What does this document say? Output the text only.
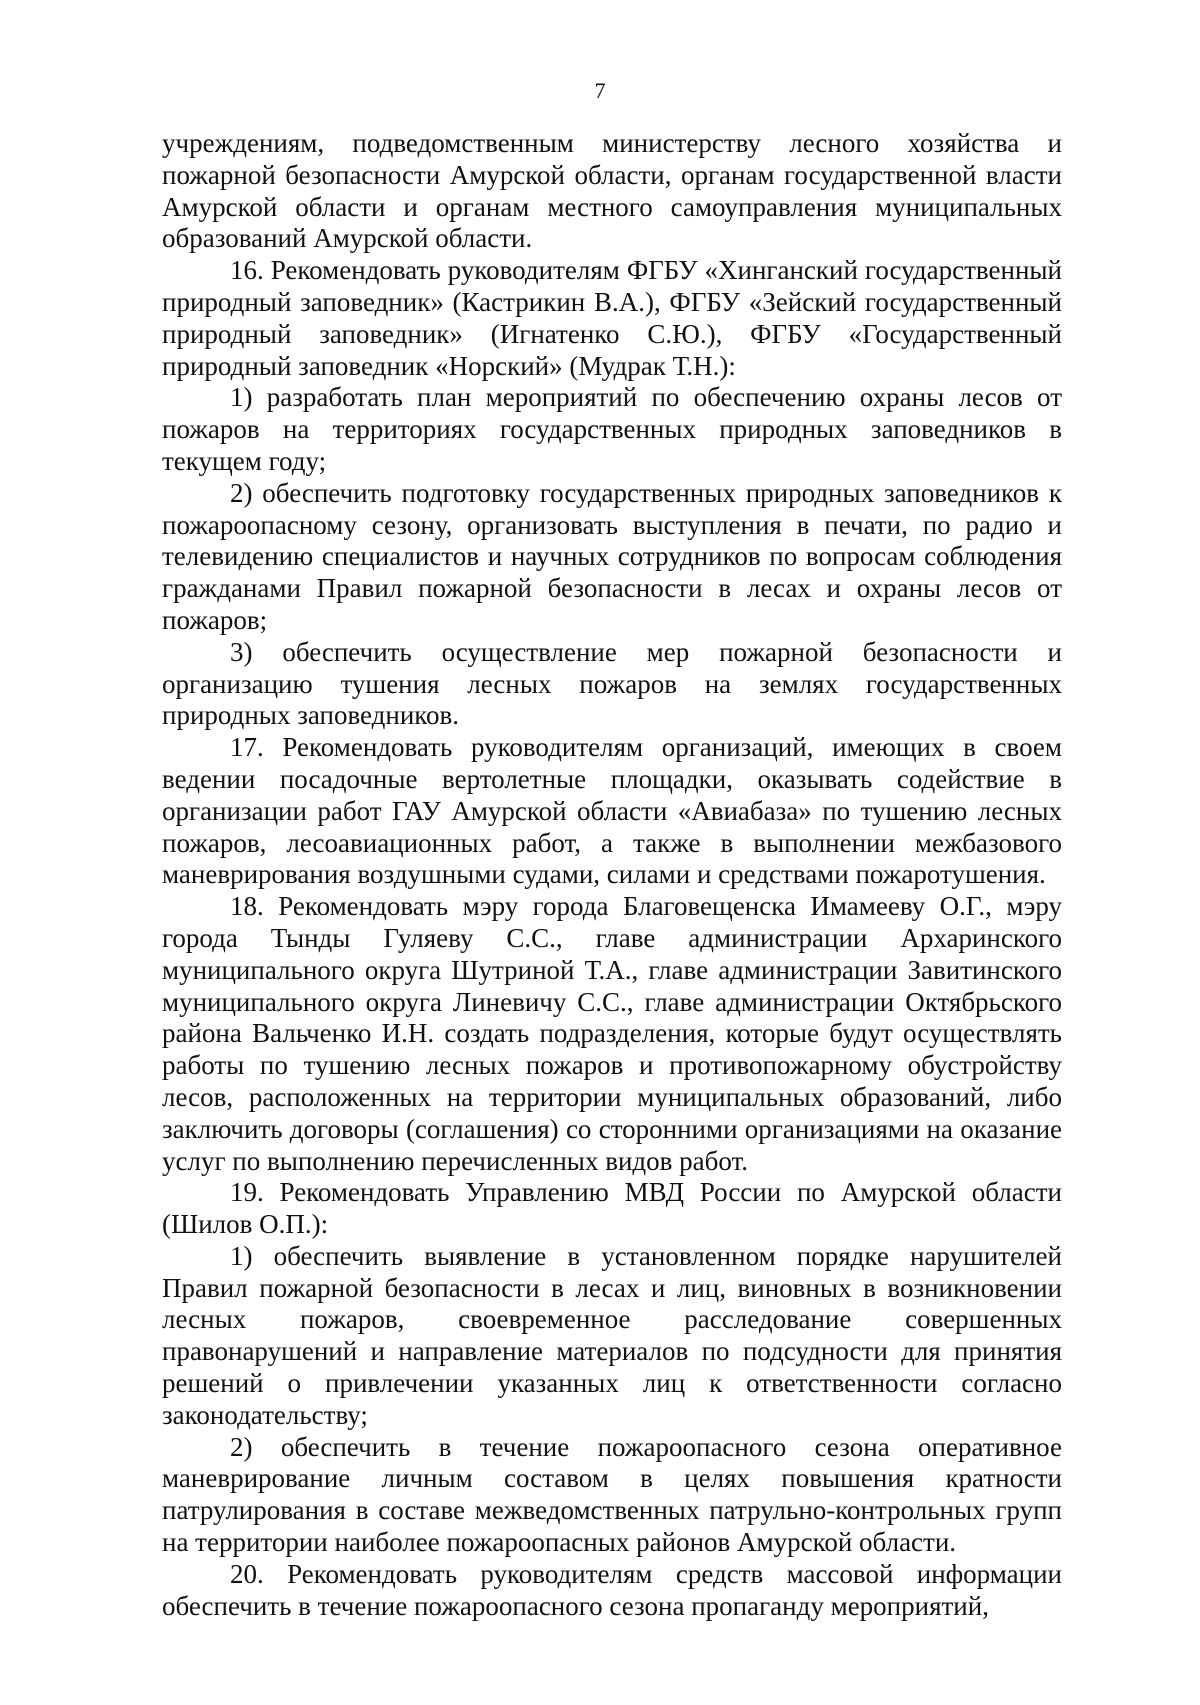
7

учреждениям, подведомственным министерству лесного хозяйства и пожарной безопасности Амурской области, органам государственной власти Амурской области и органам местного самоуправления муниципальных образований Амурской области.

16. Рекомендовать руководителям ФГБУ «Хинганский государственный природный заповедник» (Кастрикин В.А.), ФГБУ «Зейский государственный природный заповедник» (Игнатенко С.Ю.), ФГБУ «Государственный природный заповедник «Норский» (Мудрак Т.Н.):

1) разработать план мероприятий по обеспечению охраны лесов от пожаров на территориях государственных природных заповедников в текущем году;

2) обеспечить подготовку государственных природных заповедников к пожароопасному сезону, организовать выступления в печати, по радио и телевидению специалистов и научных сотрудников по вопросам соблюдения гражданами Правил пожарной безопасности в лесах и охраны лесов от пожаров;

3) обеспечить осуществление мер пожарной безопасности и организацию тушения лесных пожаров на землях государственных природных заповедников.

17. Рекомендовать руководителям организаций, имеющих в своем ведении посадочные вертолетные площадки, оказывать содействие в организации работ ГАУ Амурской области «Авиабаза» по тушению лесных пожаров, лесоавиационных работ, а также в выполнении межбазового маневрирования воздушными судами, силами и средствами пожаротушения.

18. Рекомендовать мэру города Благовещенска Имамееву О.Г., мэру города Тынды Гуляеву С.С., главе администрации Архаринского муниципального округа Шутриной Т.А., главе администрации Завитинского муниципального округа Линевичу С.С., главе администрации Октябрьского района Вальченко И.Н. создать подразделения, которые будут осуществлять работы по тушению лесных пожаров и противопожарному обустройству лесов, расположенных на территории муниципальных образований, либо заключить договоры (соглашения) со сторонними организациями на оказание услуг по выполнению перечисленных видов работ.

19. Рекомендовать Управлению МВД России по Амурской области (Шилов О.П.):

1) обеспечить выявление в установленном порядке нарушителей Правил пожарной безопасности в лесах и лиц, виновных в возникновении лесных пожаров, своевременное расследование совершенных правонарушений и направление материалов по подсудности для принятия решений о привлечении указанных лиц к ответственности согласно законодательству;

2) обеспечить в течение пожароопасного сезона оперативное маневрирование личным составом в целях повышения кратности патрулирования в составе межведомственных патрульно-контрольных групп на территории наиболее пожароопасных районов Амурской области.

20. Рекомендовать руководителям средств массовой информации обеспечить в течение пожароопасного сезона пропаганду мероприятий,
